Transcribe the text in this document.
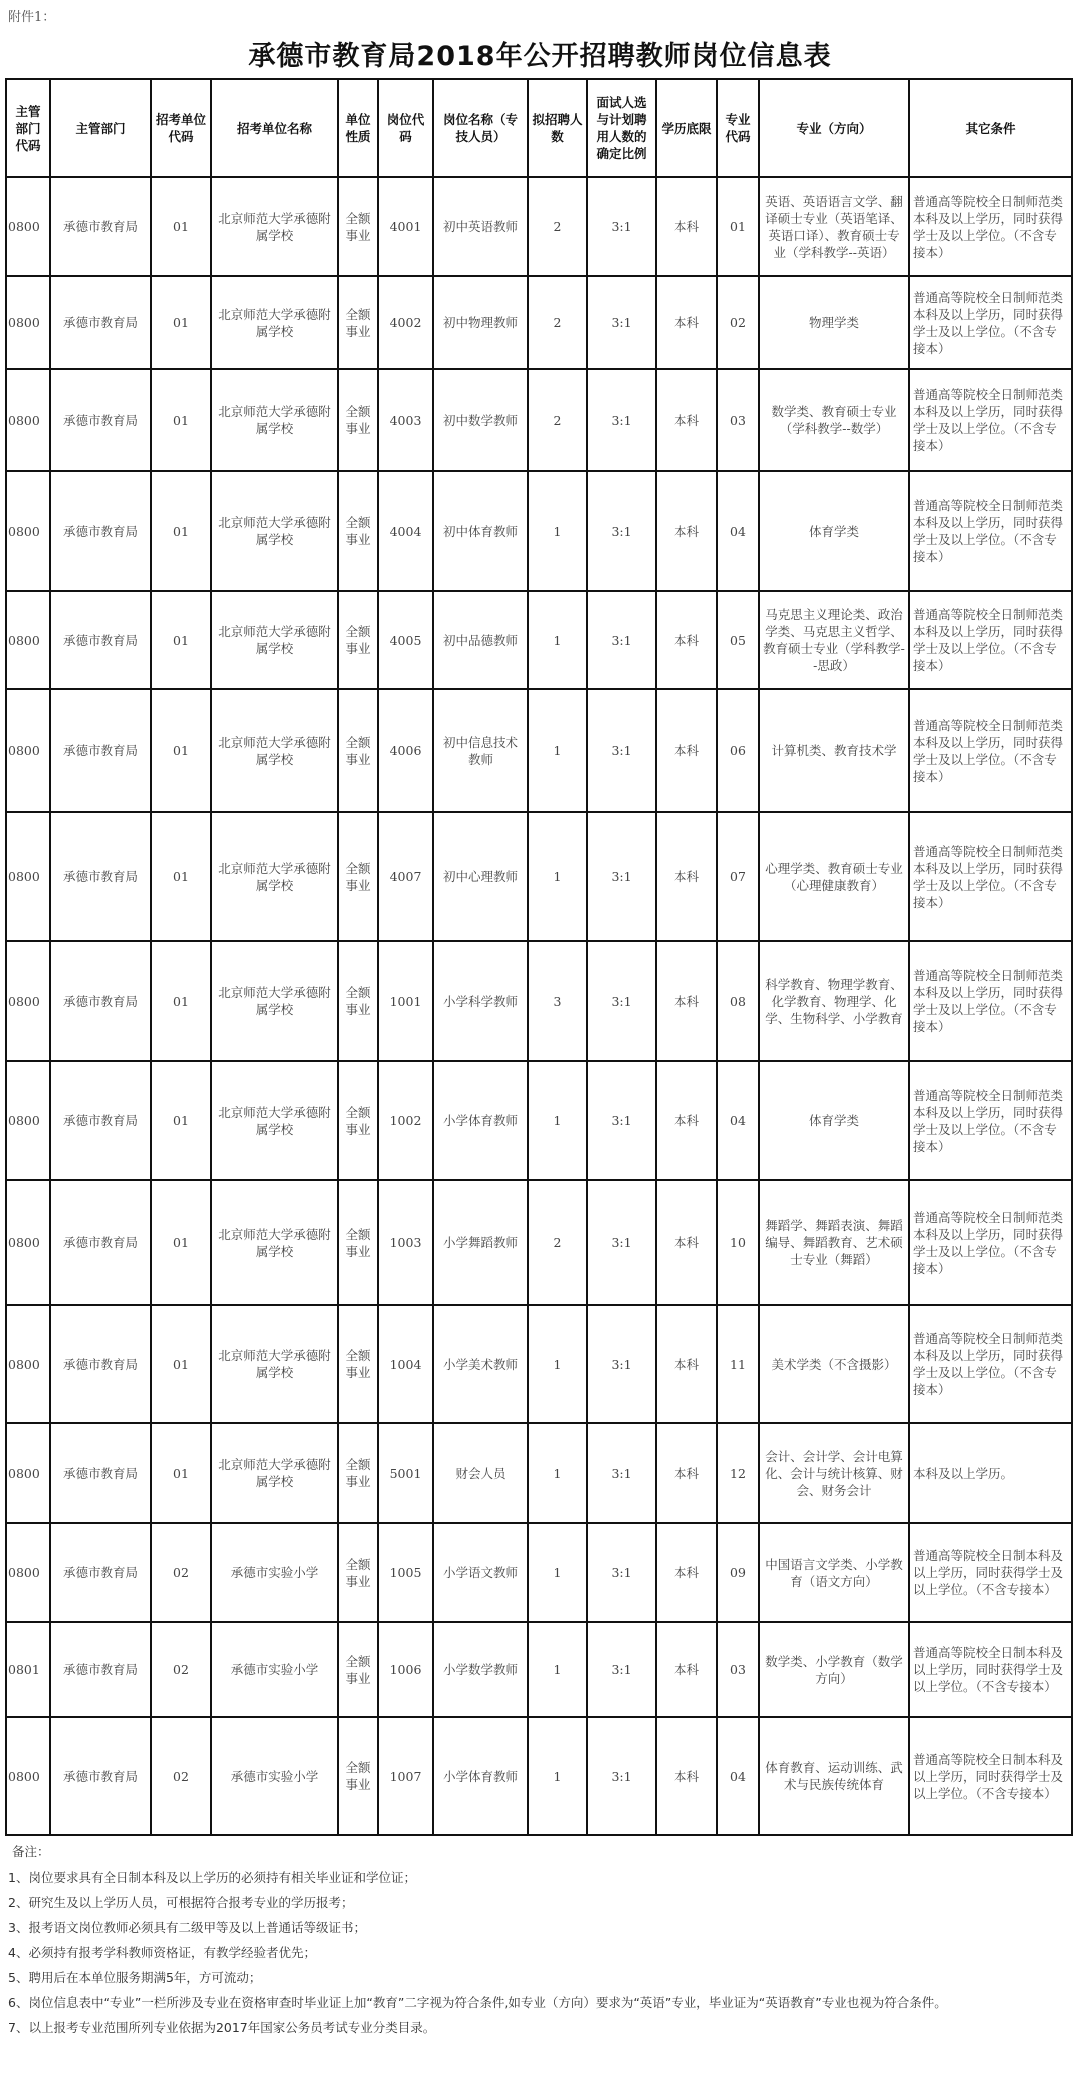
附件1：
承德市教育局2018年公开招聘教师岗位信息表
主管部门代码	主管部门	招考单位代码	招考单位名称	单位性质	岗位代码	岗位名称（专技人员）	拟招聘人数	面试人选与计划聘用人数的确定比例	学历底限	专业代码	专业（方向）	其它条件
0800	承德市教育局	01	北京师范大学承德附属学校	全额事业	4001	初中英语教师	2	3:1	本科	01	英语、英语语言文学、翻译硕士专业（英语笔译、英语口译）、教育硕士专业（学科教学--英语）	普通高等院校全日制师范类本科及以上学历，同时获得学士及以上学位。（不含专接本）
0800	承德市教育局	01	北京师范大学承德附属学校	全额事业	4002	初中物理教师	2	3:1	本科	02	物理学类	普通高等院校全日制师范类本科及以上学历，同时获得学士及以上学位。（不含专接本）
0800	承德市教育局	01	北京师范大学承德附属学校	全额事业	4003	初中数学教师	2	3:1	本科	03	数学类、教育硕士专业（学科教学--数学）	普通高等院校全日制师范类本科及以上学历，同时获得学士及以上学位。（不含专接本）
0800	承德市教育局	01	北京师范大学承德附属学校	全额事业	4004	初中体育教师	1	3:1	本科	04	体育学类	普通高等院校全日制师范类本科及以上学历，同时获得学士及以上学位。（不含专接本）
0800	承德市教育局	01	北京师范大学承德附属学校	全额事业	4005	初中品德教师	1	3:1	本科	05	马克思主义理论类、政治学类、马克思主义哲学、教育硕士专业（学科教学--思政）	普通高等院校全日制师范类本科及以上学历，同时获得学士及以上学位。（不含专接本）
0800	承德市教育局	01	北京师范大学承德附属学校	全额事业	4006	初中信息技术教师	1	3:1	本科	06	计算机类、教育技术学	普通高等院校全日制师范类本科及以上学历，同时获得学士及以上学位。（不含专接本）
0800	承德市教育局	01	北京师范大学承德附属学校	全额事业	4007	初中心理教师	1	3:1	本科	07	心理学类、教育硕士专业（心理健康教育）	普通高等院校全日制师范类本科及以上学历，同时获得学士及以上学位。（不含专接本）
0800	承德市教育局	01	北京师范大学承德附属学校	全额事业	1001	小学科学教师	3	3:1	本科	08	科学教育、物理学教育、化学教育、物理学、化学、生物科学、小学教育	普通高等院校全日制师范类本科及以上学历，同时获得学士及以上学位。（不含专接本）
0800	承德市教育局	01	北京师范大学承德附属学校	全额事业	1002	小学体育教师	1	3:1	本科	04	体育学类	普通高等院校全日制师范类本科及以上学历，同时获得学士及以上学位。（不含专接本）
0800	承德市教育局	01	北京师范大学承德附属学校	全额事业	1003	小学舞蹈教师	2	3:1	本科	10	舞蹈学、舞蹈表演、舞蹈编导、舞蹈教育、艺术硕士专业（舞蹈）	普通高等院校全日制师范类本科及以上学历，同时获得学士及以上学位。（不含专接本）
0800	承德市教育局	01	北京师范大学承德附属学校	全额事业	1004	小学美术教师	1	3:1	本科	11	美术学类（不含摄影）	普通高等院校全日制师范类本科及以上学历，同时获得学士及以上学位。（不含专接本）
0800	承德市教育局	01	北京师范大学承德附属学校	全额事业	5001	财会人员	1	3:1	本科	12	会计、会计学、会计电算化、会计与统计核算、财会、财务会计	本科及以上学历。
0800	承德市教育局	02	承德市实验小学	全额事业	1005	小学语文教师	1	3:1	本科	09	中国语言文学类、小学教育（语文方向）	普通高等院校全日制本科及以上学历，同时获得学士及以上学位。（不含专接本）
0801	承德市教育局	02	承德市实验小学	全额事业	1006	小学数学教师	1	3:1	本科	03	数学类、小学教育（数学方向）	普通高等院校全日制本科及以上学历，同时获得学士及以上学位。（不含专接本）
0800	承德市教育局	02	承德市实验小学	全额事业	1007	小学体育教师	1	3:1	本科	04	体育教育、运动训练、武术与民族传统体育	普通高等院校全日制本科及以上学历，同时获得学士及以上学位。（不含专接本）
备注：
1、岗位要求具有全日制本科及以上学历的必须持有相关毕业证和学位证；
2、研究生及以上学历人员，可根据符合报考专业的学历报考；
3、报考语文岗位教师必须具有二级甲等及以上普通话等级证书；
4、必须持有报考学科教师资格证，有教学经验者优先；
5、聘用后在本单位服务期满5年，方可流动；
6、岗位信息表中“专业”一栏所涉及专业在资格审查时毕业证上加“教育”二字视为符合条件,如专业（方向）要求为“英语”专业，毕业证为“英语教育”专业也视为符合条件。
7、以上报考专业范围所列专业依据为2017年国家公务员考试专业分类目录。
